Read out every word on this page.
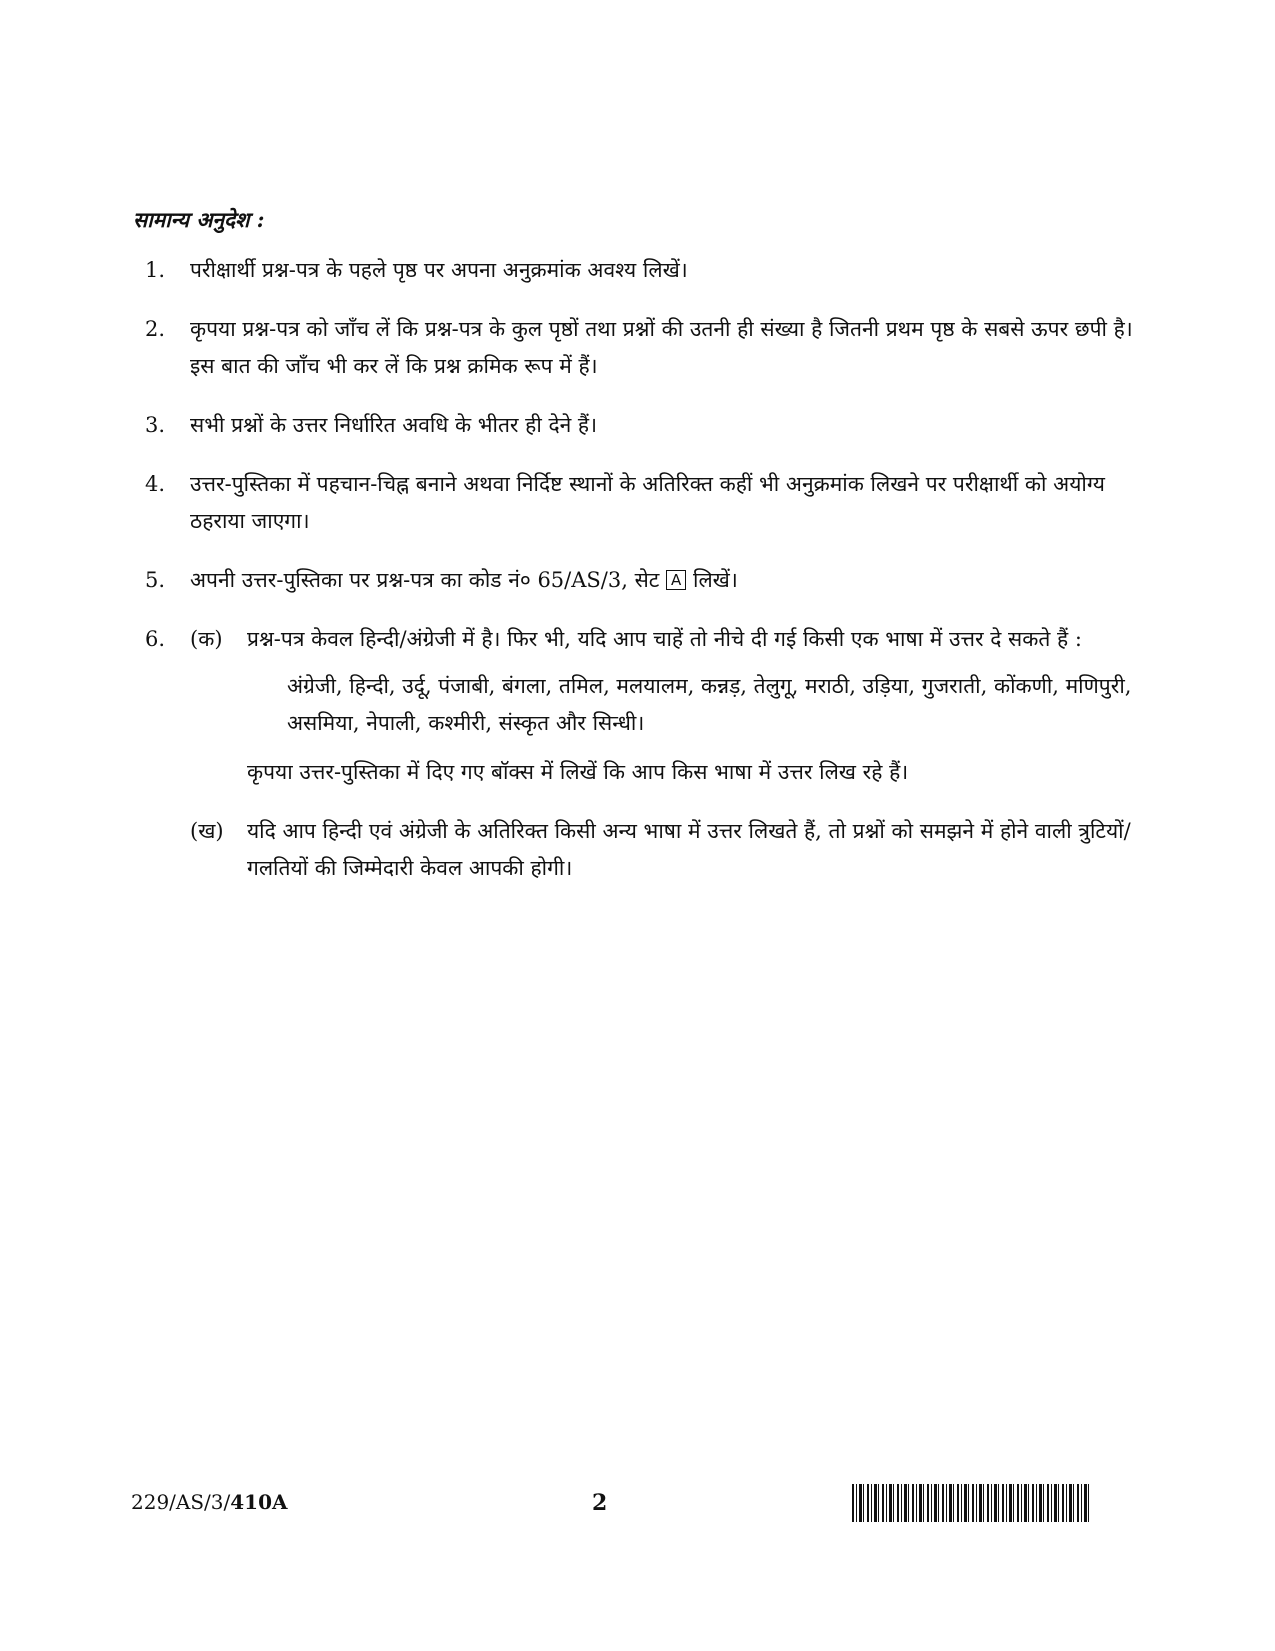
सामान्य अनुदेश :
1. परीक्षार्थी प्रश्न-पत्र के पहले पृष्ठ पर अपना अनुक्रमांक अवश्य लिखें।
2. कृपया प्रश्न-पत्र को जाँच लें कि प्रश्न-पत्र के कुल पृष्ठों तथा प्रश्नों की उतनी ही संख्या है जितनी प्रथम पृष्ठ के सबसे ऊपर छपी है। इस बात की जाँच भी कर लें कि प्रश्न क्रमिक रूप में हैं।
3. सभी प्रश्नों के उत्तर निर्धारित अवधि के भीतर ही देने हैं।
4. उत्तर-पुस्तिका में पहचान-चिह्न बनाने अथवा निर्दिष्ट स्थानों के अतिरिक्त कहीं भी अनुक्रमांक लिखने पर परीक्षार्थी को अयोग्य ठहराया जाएगा।
5. अपनी उत्तर-पुस्तिका पर प्रश्न-पत्र का कोड नं० 65/AS/3, सेट A लिखें।
6. (क) प्रश्न-पत्र केवल हिन्दी/अंग्रेजी में है। फिर भी, यदि आप चाहें तो नीचे दी गई किसी एक भाषा में उत्तर दे सकते हैं :
अंग्रेजी, हिन्दी, उर्दू, पंजाबी, बंगला, तमिल, मलयालम, कन्नड़, तेलुगू, मराठी, उड़िया, गुजराती, कोंकणी, मणिपुरी, असमिया, नेपाली, कश्मीरी, संस्कृत और सिन्धी।
कृपया उत्तर-पुस्तिका में दिए गए बॉक्स में लिखें कि आप किस भाषा में उत्तर लिख रहे हैं।
(ख) यदि आप हिन्दी एवं अंग्रेजी के अतिरिक्त किसी अन्य भाषा में उत्तर लिखते हैं, तो प्रश्नों को समझने में होने वाली त्रुटियों/गलतियों की जिम्मेदारी केवल आपकी होगी।
229/AS/3/410A	2
